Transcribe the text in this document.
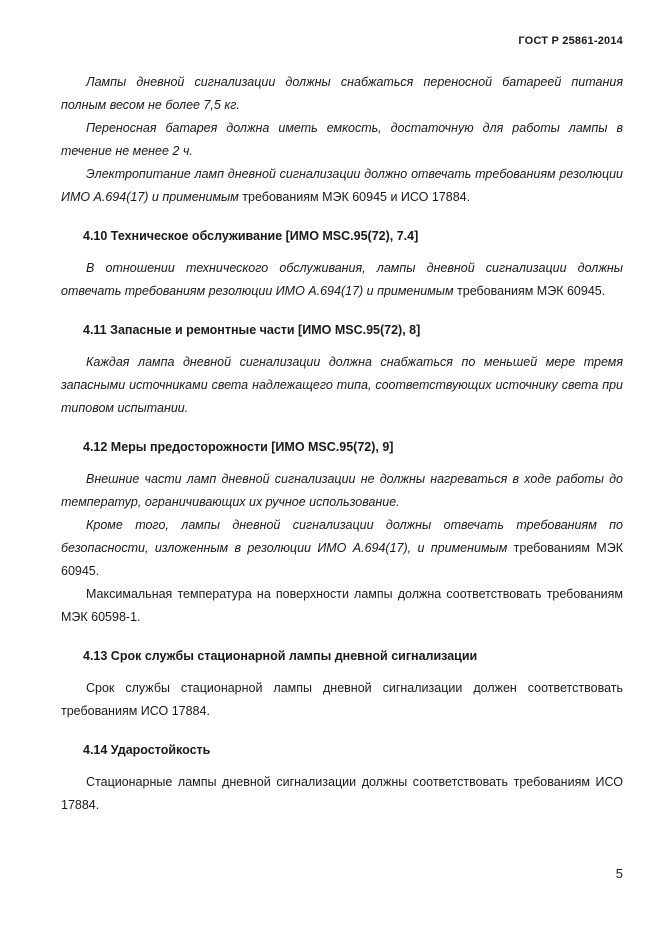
ГОСТ Р 25861-2014

Лампы дневной сигнализации должны снабжаться переносной батареей питания полным весом не более 7,5 кг.

Переносная батарея должна иметь емкость, достаточную для работы лампы в течение не менее 2 ч.

Электропитание ламп дневной сигнализации должно отвечать требованиям резолюции ИМО А.694(17) и применимым требованиям МЭК 60945 и ИСО 17884.

4.10 Техническое обслуживание [ИМО MSC.95(72), 7.4]

В отношении технического обслуживания, лампы дневной сигнализации должны отвечать требованиям резолюции ИМО А.694(17) и применимым требованиям МЭК 60945.

4.11 Запасные и ремонтные части [ИМО MSC.95(72), 8]

Каждая лампа дневной сигнализации должна снабжаться по меньшей мере тремя запасными источниками света надлежащего типа, соответствующих источнику света при типовом испытании.

4.12 Меры предосторожности [ИМО MSC.95(72), 9]

Внешние части ламп дневной сигнализации не должны нагреваться в ходе работы до температур, ограничивающих их ручное использование.

Кроме того, лампы дневной сигнализации должны отвечать требованиям по безопасности, изложенным в резолюции ИМО А.694(17), и применимым требованиям МЭК 60945.

Максимальная температура на поверхности лампы должна соответствовать требованиям МЭК 60598-1.

4.13 Срок службы стационарной лампы дневной сигнализации

Срок службы стационарной лампы дневной сигнализации должен соответствовать требованиям ИСО 17884.

4.14 Ударостойкость

Стационарные лампы дневной сигнализации должны соответствовать требованиям ИСО 17884.

5
